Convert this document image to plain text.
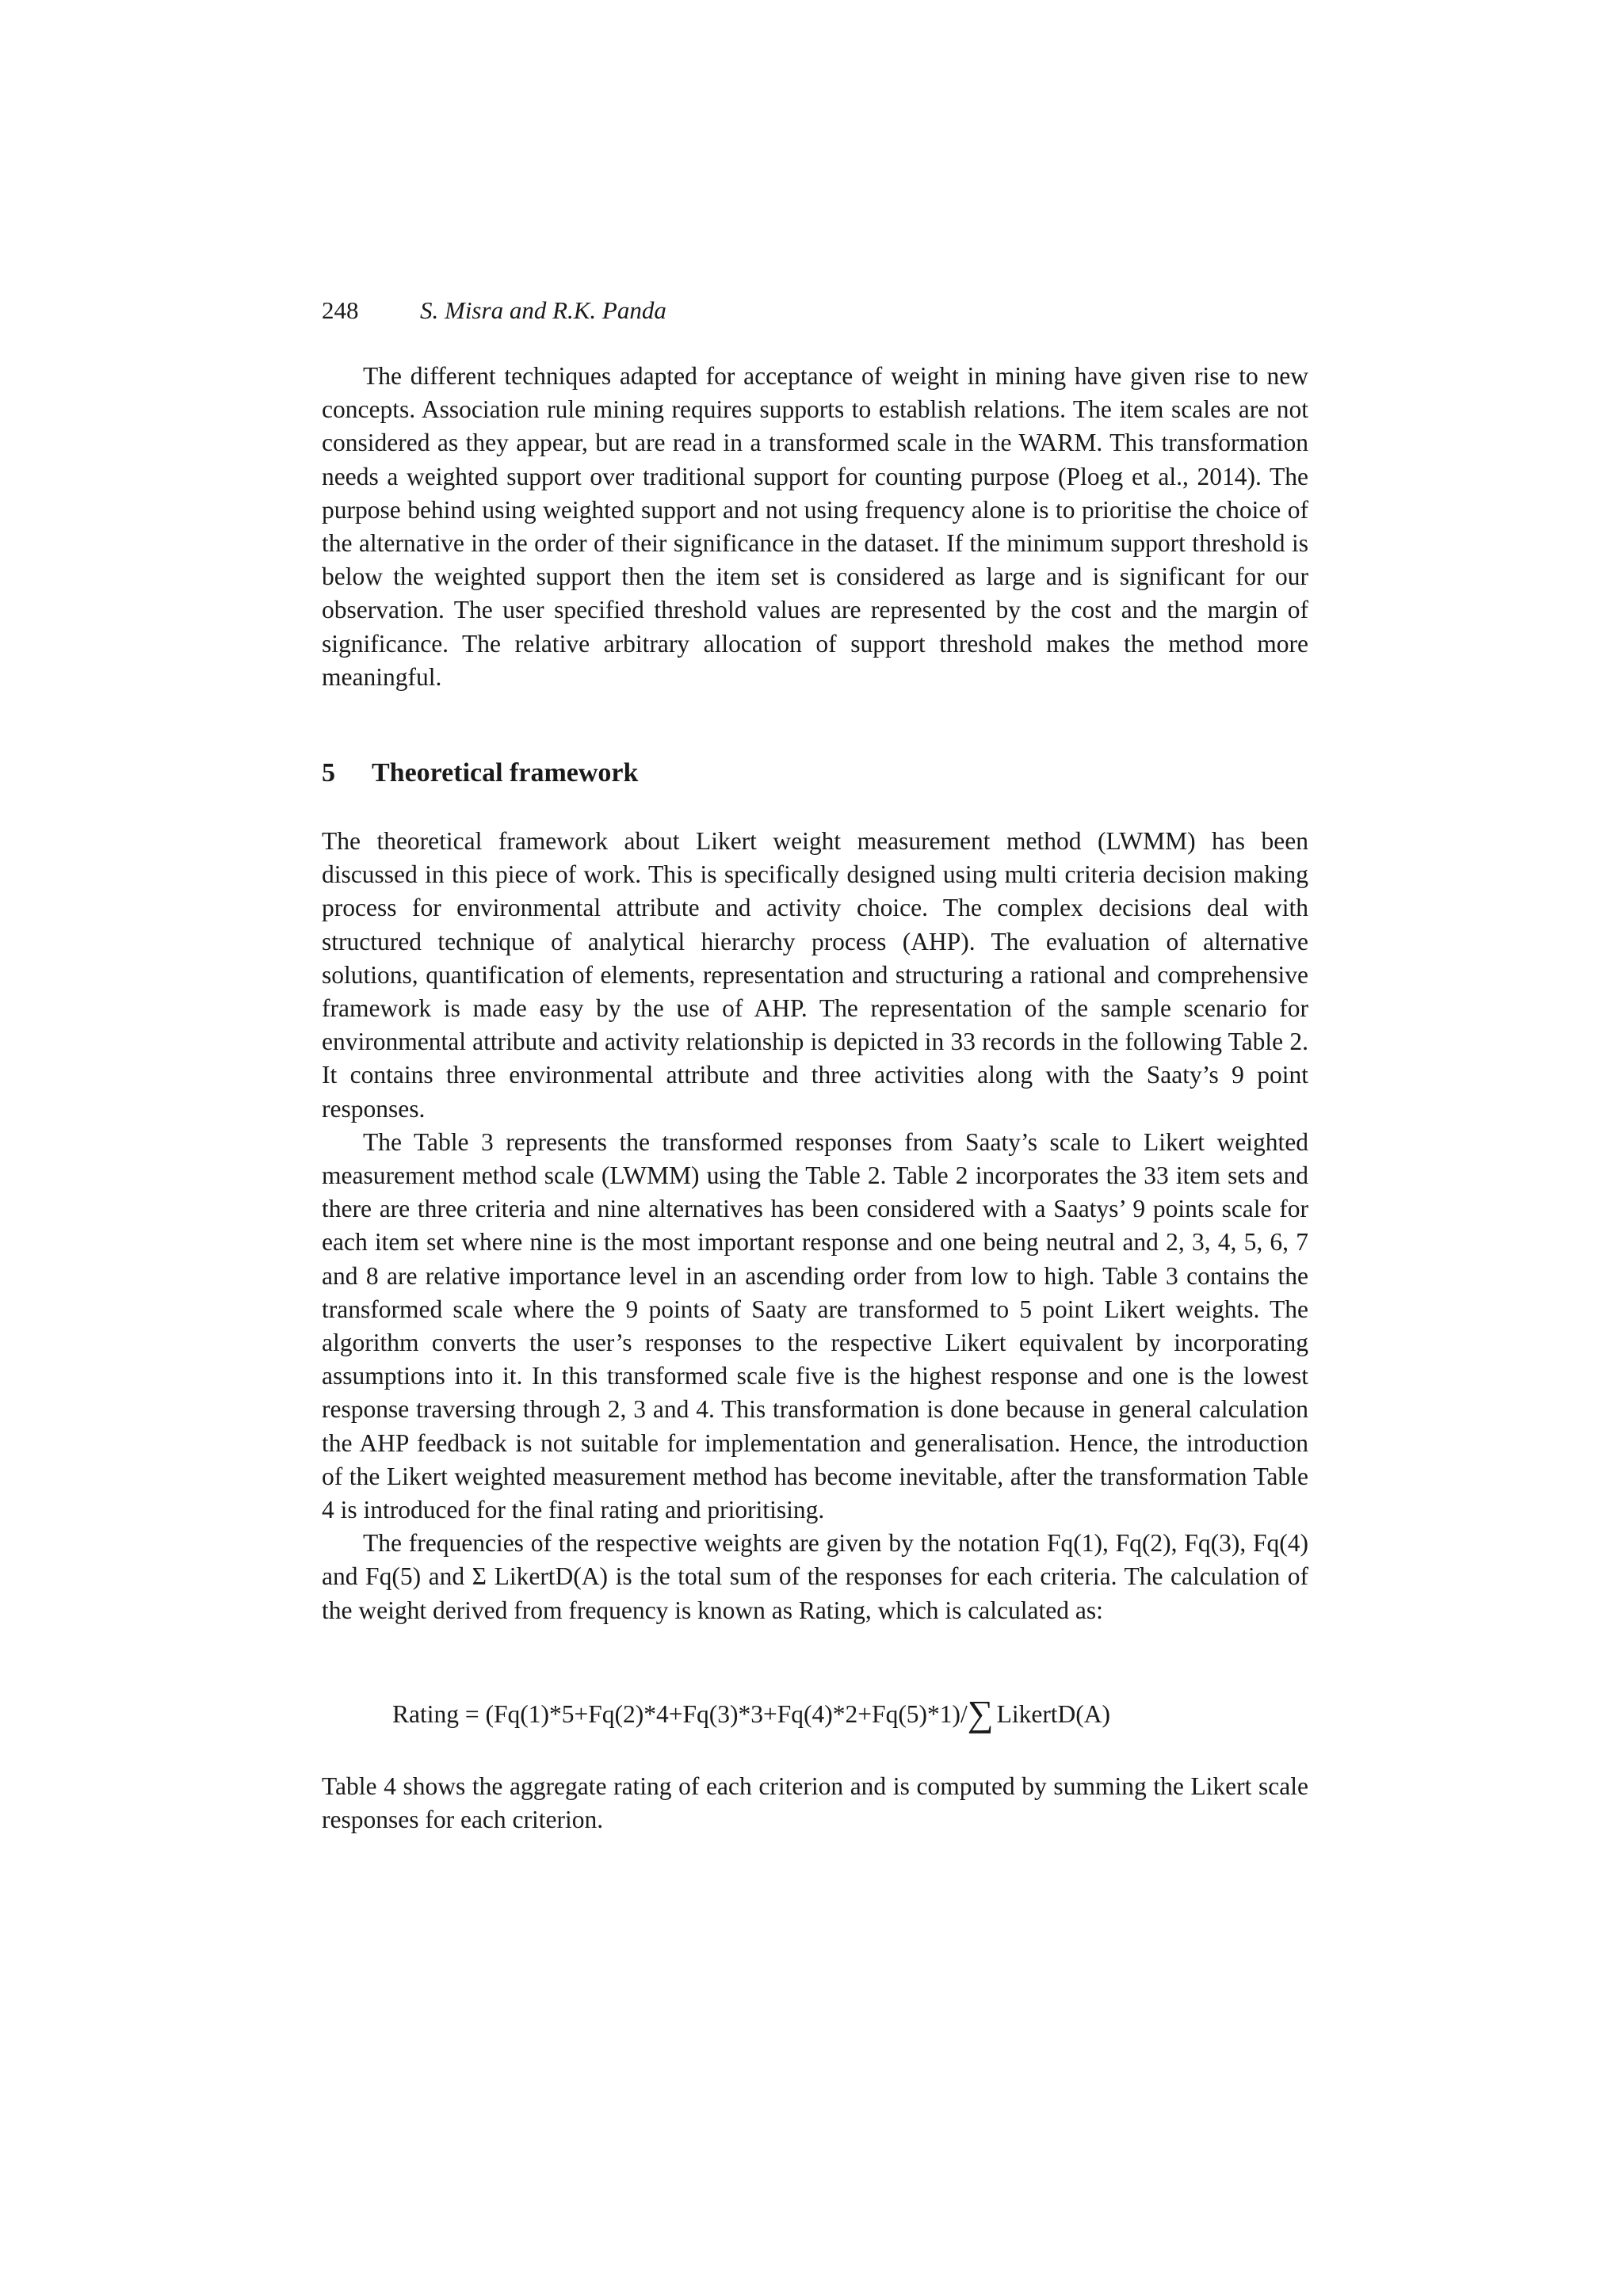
248	S. Misra and R.K. Panda

The different techniques adapted for acceptance of weight in mining have given rise to new concepts. Association rule mining requires supports to establish relations. The item scales are not considered as they appear, but are read in a transformed scale in the WARM. This transformation needs a weighted support over traditional support for counting purpose (Ploeg et al., 2014). The purpose behind using weighted support and not using frequency alone is to prioritise the choice of the alternative in the order of their significance in the dataset. If the minimum support threshold is below the weighted support then the item set is considered as large and is significant for our observation. The user specified threshold values are represented by the cost and the margin of significance. The relative arbitrary allocation of support threshold makes the method more meaningful.

5 Theoretical framework

The theoretical framework about Likert weight measurement method (LWMM) has been discussed in this piece of work. This is specifically designed using multi criteria decision making process for environmental attribute and activity choice. The complex decisions deal with structured technique of analytical hierarchy process (AHP). The evaluation of alternative solutions, quantification of elements, representation and structuring a rational and comprehensive framework is made easy by the use of AHP. The representation of the sample scenario for environmental attribute and activity relationship is depicted in 33 records in the following Table 2. It contains three environmental attribute and three activities along with the Saaty’s 9 point responses.

The Table 3 represents the transformed responses from Saaty’s scale to Likert weighted measurement method scale (LWMM) using the Table 2. Table 2 incorporates the 33 item sets and there are three criteria and nine alternatives has been considered with a Saatys’ 9 points scale for each item set where nine is the most important response and one being neutral and 2, 3, 4, 5, 6, 7 and 8 are relative importance level in an ascending order from low to high. Table 3 contains the transformed scale where the 9 points of Saaty are transformed to 5 point Likert weights. The algorithm converts the user’s responses to the respective Likert equivalent by incorporating assumptions into it. In this transformed scale five is the highest response and one is the lowest response traversing through 2, 3 and 4. This transformation is done because in general calculation the AHP feedback is not suitable for implementation and generalisation. Hence, the introduction of the Likert weighted measurement method has become inevitable, after the transformation Table 4 is introduced for the final rating and prioritising.

The frequencies of the respective weights are given by the notation Fq(1), Fq(2), Fq(3), Fq(4) and Fq(5) and Σ LikertD(A) is the total sum of the responses for each criteria. The calculation of the weight derived from frequency is known as Rating, which is calculated as:

Rating = (Fq(1)*5+Fq(2)*4+Fq(3)*3+Fq(4)*2+Fq(5)*1)/∑ LikertD(A)

Table 4 shows the aggregate rating of each criterion and is computed by summing the Likert scale responses for each criterion.
